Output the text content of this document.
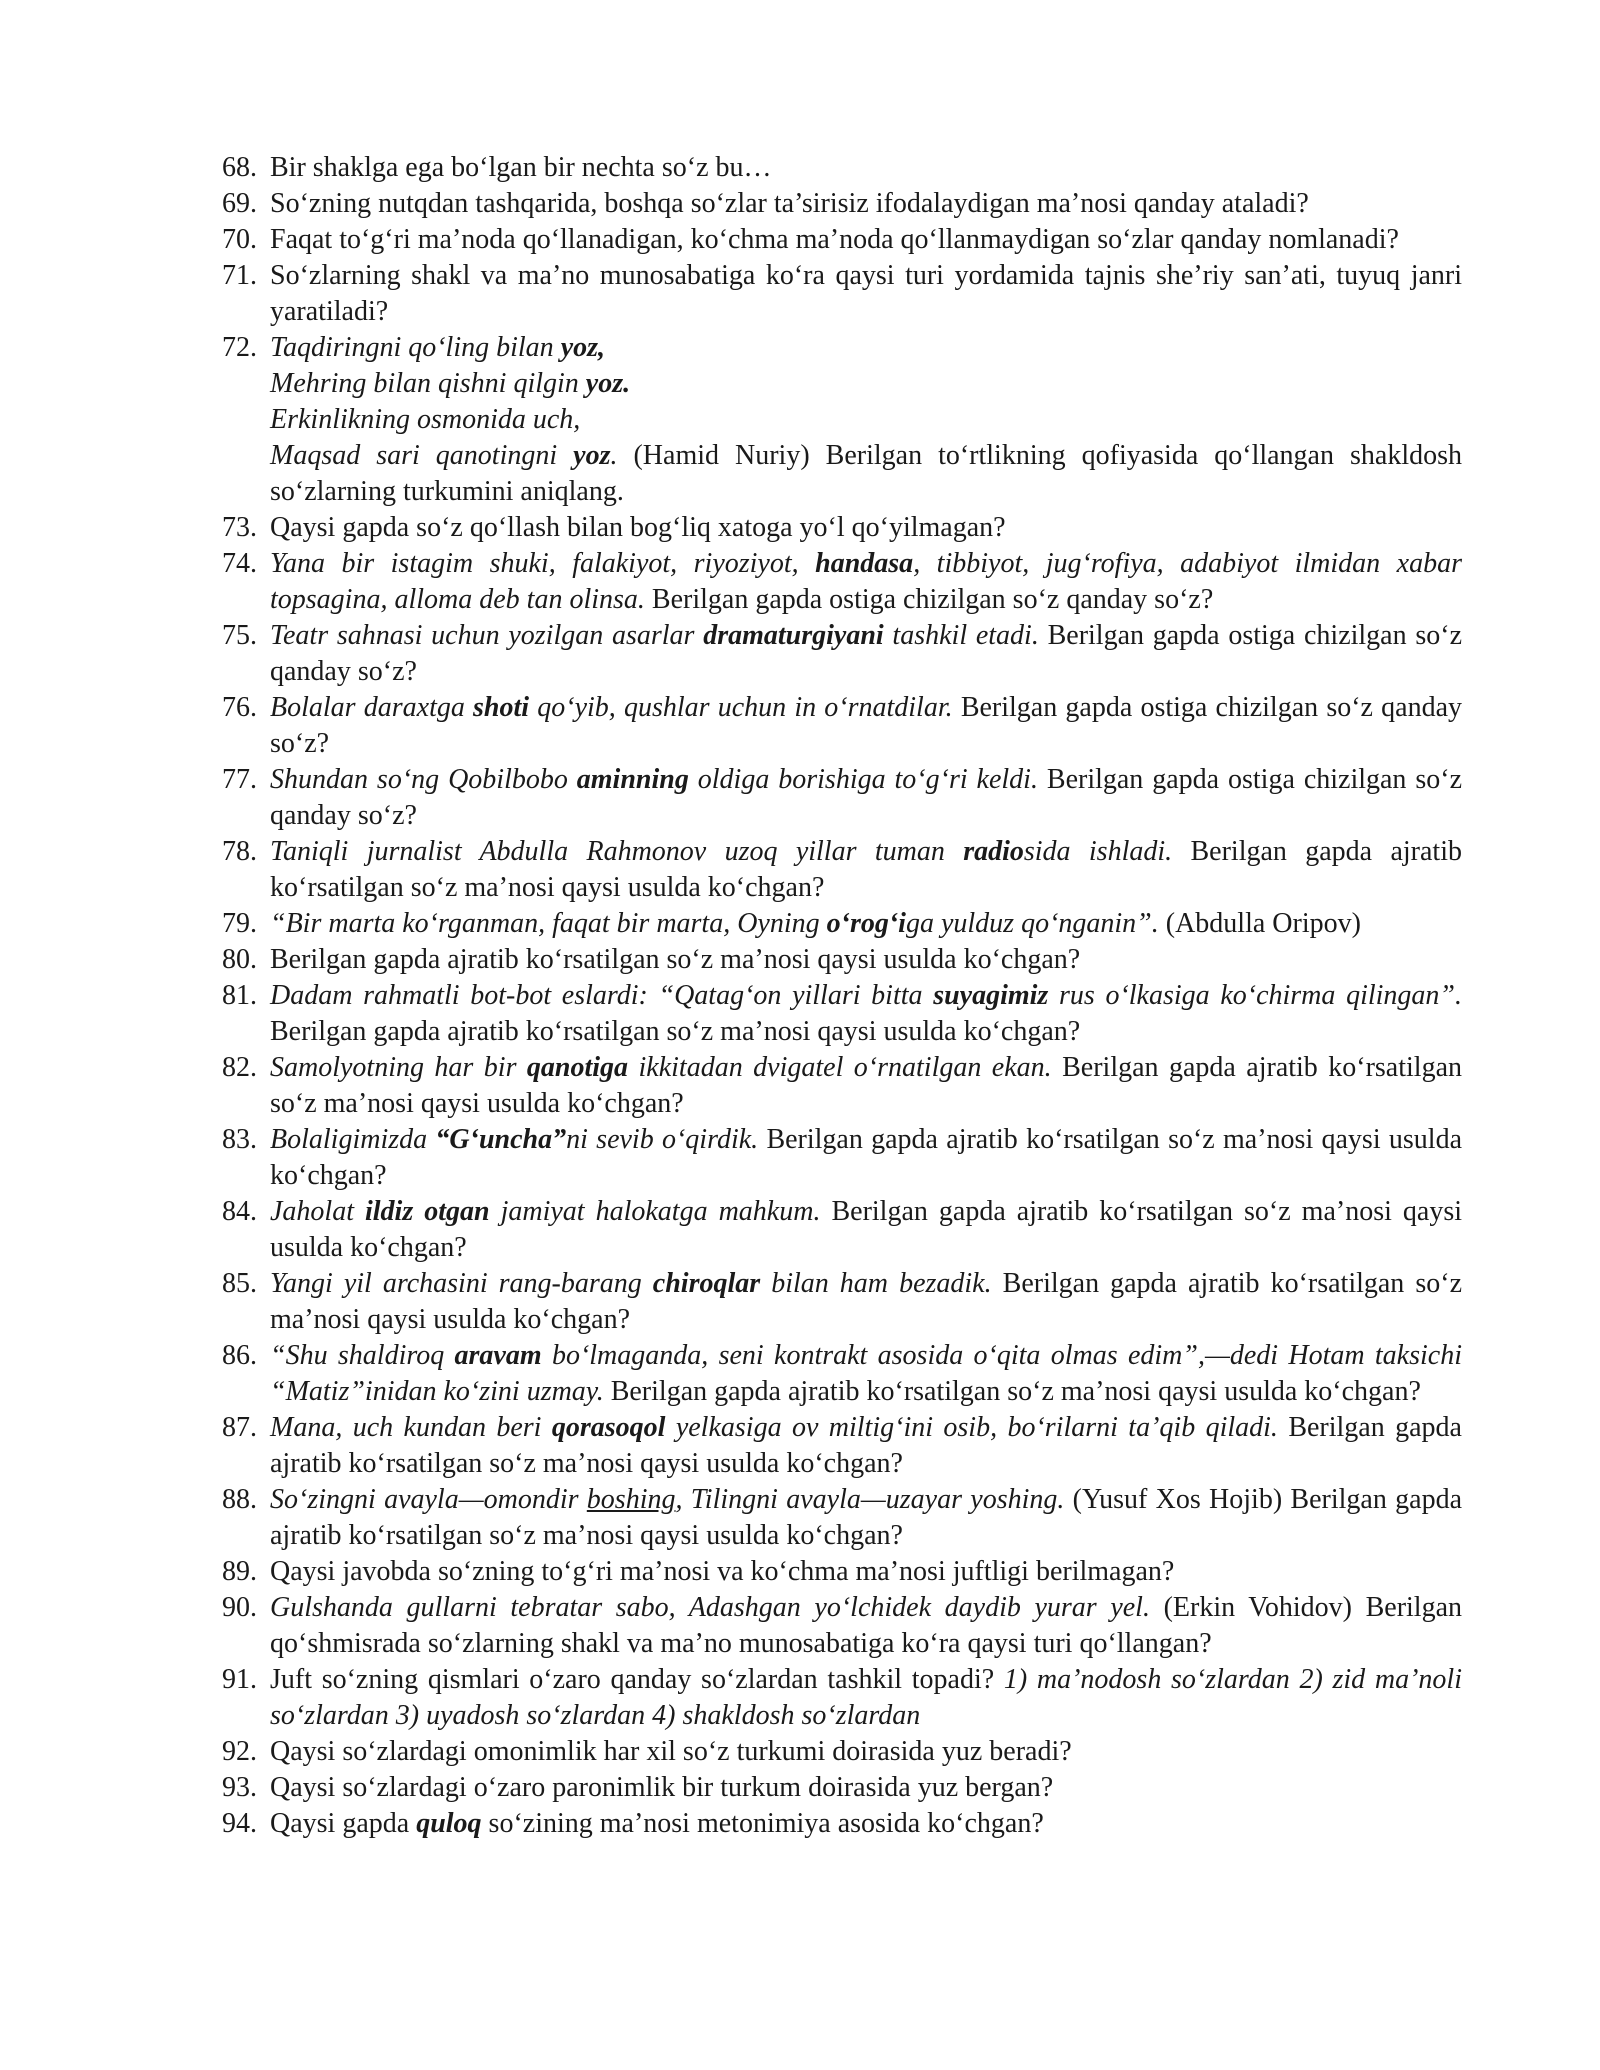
68. Bir shaklga ega bo‘lgan bir nechta so‘z bu…
69. So‘zning nutqdan tashqarida, boshqa so‘zlar ta’sirisiz ifodalaydigan ma’nosi qanday ataladi?
70. Faqat to‘g‘ri ma’noda qo‘llanadigan, ko‘chma ma’noda qo‘llanmaydigan so‘zlar qanday nomlanadi?
71. So‘zlarning shakl va ma’no munosabatiga ko‘ra qaysi turi yordamida tajnis she’riy san’ati, tuyuq janri yaratiladi?
72. Taqdiringni qo‘ling bilan yoz,
Mehring bilan qishni qilgin yoz.
Erkinlikning osmonida uch,
Maqsad sari qanotingni yoz. (Hamid Nuriy) Berilgan to‘rtlikning qofiyasida qo‘llangan shakldosh so‘zlarning turkumini aniqlang.
73. Qaysi gapda so‘z qo‘llash bilan bog‘liq xatoga yo‘l qo‘yilmagan?
74. Yana bir istagim shuki, falakiyot, riyoziyot, handasa, tibbiyot, jug‘rofiya, adabiyot ilmidan xabar topsagina, alloma deb tan olinsa. Berilgan gapda ostiga chizilgan so‘z qanday so‘z?
75. Teatr sahnasi uchun yozilgan asarlar dramaturgiyani tashkil etadi. Berilgan gapda ostiga chizilgan so‘z qanday so‘z?
76. Bolalar daraxtga shoti qo‘yib, qushlar uchun in o‘rnatdilar. Berilgan gapda ostiga chizilgan so‘z qanday so‘z?
77. Shundan so‘ng Qobilbobo aminning oldiga borishiga to‘g‘ri keldi. Berilgan gapda ostiga chizilgan so‘z qanday so‘z?
78. Taniqli jurnalist Abdulla Rahmonov uzoq yillar tuman radiosida ishladi. Berilgan gapda ajratib ko‘rsatilgan so‘z ma’nosi qaysi usulda ko‘chgan?
79. “Bir marta ko‘rganman, faqat bir marta, Oyning o‘rog‘iga yulduz qo‘nganin”. (Abdulla Oripov)
80. Berilgan gapda ajratib ko‘rsatilgan so‘z ma’nosi qaysi usulda ko‘chgan?
81. Dadam rahmatli bot-bot eslardi: “Qatag‘on yillari bitta suyagimiz rus o‘lkasiga ko‘chirma qilingan”. Berilgan gapda ajratib ko‘rsatilgan so‘z ma’nosi qaysi usulda ko‘chgan?
82. Samolyotning har bir qanotiga ikkitadan dvigatel o‘rnatilgan ekan. Berilgan gapda ajratib ko‘rsatilgan so‘z ma’nosi qaysi usulda ko‘chgan?
83. Bolaligimizda “G‘uncha”ni sevib o‘qirdik. Berilgan gapda ajratib ko‘rsatilgan so‘z ma’nosi qaysi usulda ko‘chgan?
84. Jaholat ildiz otgan jamiyat halokatga mahkum. Berilgan gapda ajratib ko‘rsatilgan so‘z ma’nosi qaysi usulda ko‘chgan?
85. Yangi yil archasini rang-barang chiroqlar bilan ham bezadik. Berilgan gapda ajratib ko‘rsatilgan so‘z ma’nosi qaysi usulda ko‘chgan?
86. “Shu shaldiroq aravam bo‘lmaganda, seni kontrakt asosida o‘qita olmas edim”,—dedi Hotam taksichi “Matiz”inidan ko‘zini uzmay. Berilgan gapda ajratib ko‘rsatilgan so‘z ma’nosi qaysi usulda ko‘chgan?
87. Mana, uch kundan beri qorasoqol yelkasiga ov miltig‘ini osib, bo‘rilarni ta’qib qiladi. Berilgan gapda ajratib ko‘rsatilgan so‘z ma’nosi qaysi usulda ko‘chgan?
88. So‘zingni avayla—omondir boshing, Tilingni avayla—uzayar yoshing. (Yusuf Xos Hojib) Berilgan gapda ajratib ko‘rsatilgan so‘z ma’nosi qaysi usulda ko‘chgan?
89. Qaysi javobda so‘zning to‘g‘ri ma’nosi va ko‘chma ma’nosi juftligi berilmagan?
90. Gulshanda gullarni tebratar sabo, Adashgan yo‘lchidek daydib yurar yel. (Erkin Vohidov) Berilgan qo‘shmisrada so‘zlarning shakl va ma’no munosabatiga ko‘ra qaysi turi qo‘llangan?
91. Juft so‘zning qismlari o‘zaro qanday so‘zlardan tashkil topadi? 1) ma’nodosh so‘zlardan 2) zid ma’noli so‘zlardan 3) uyadosh so‘zlardan 4) shakldosh so‘zlardan
92. Qaysi so‘zlardagi omonimlik har xil so‘z turkumi doirasida yuz beradi?
93. Qaysi so‘zlardagi o‘zaro paronimlik bir turkum doirasida yuz bergan?
94. Qaysi gapda quloq so‘zining ma’nosi metonimiya asosida ko‘chgan?
